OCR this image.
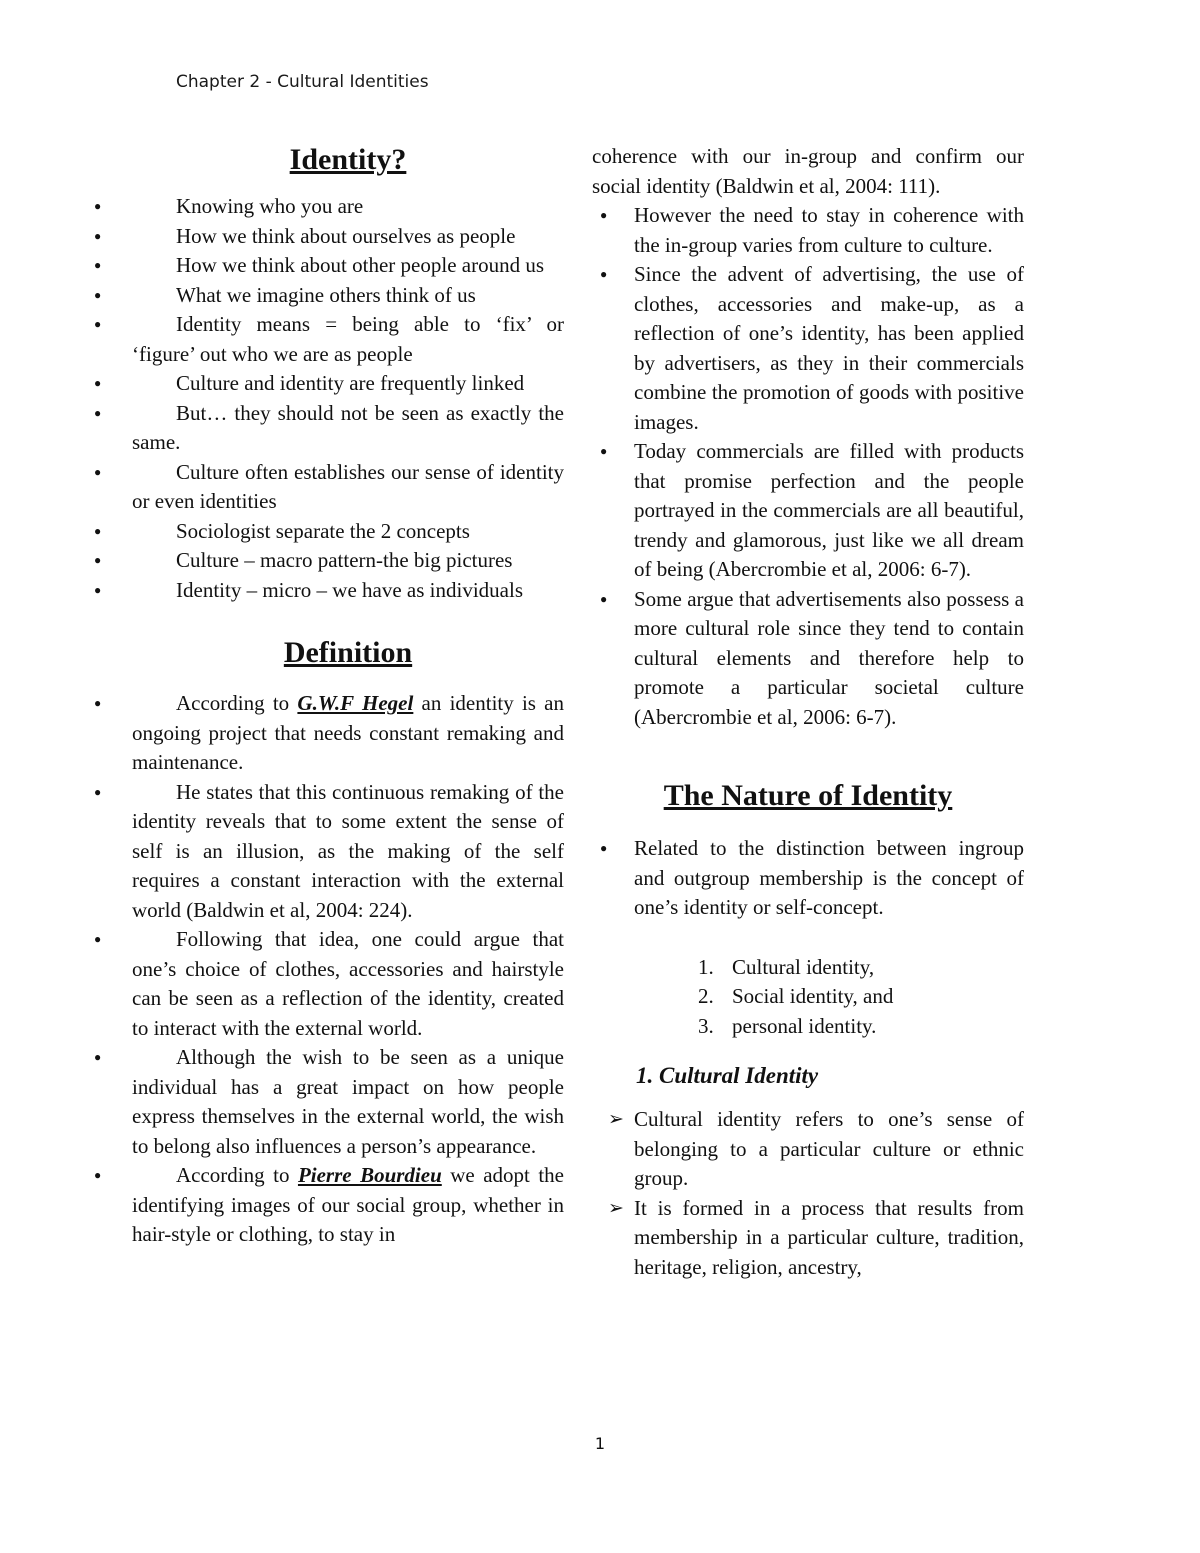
Chapter 2 - Cultural Identities
Identity?
● Knowing who you are
● How we think about ourselves as people
● How we think about other people around us
● What we imagine others think of us
● Identity means = being able to ‘fix’ or ‘figure’ out who we are as people
● Culture and identity are frequently linked
● But… they should not be seen as exactly the same.
● Culture often establishes our sense of identity or even identities
● Sociologist separate the 2 concepts
● Culture – macro pattern-the big pictures
● Identity – micro – we have as individuals
Definition
● According to G.W.F Hegel an identity is an ongoing project that needs constant remaking and maintenance.
● He states that this continuous remaking of the identity reveals that to some extent the sense of self is an illusion, as the making of the self requires a constant interaction with the external world (Baldwin et al, 2004: 224).
● Following that idea, one could argue that one’s choice of clothes, accessories and hairstyle can be seen as a reflection of the identity, created to interact with the external world.
● Although the wish to be seen as a unique individual has a great impact on how people express themselves in the external world, the wish to belong also influences a person’s appearance.
● According to Pierre Bourdieu we adopt the identifying images of our social group, whether in hair-style or clothing, to stay in

coherence with our in-group and confirm our social identity (Baldwin et al, 2004: 111).

● However the need to stay in coherence with the in-group varies from culture to culture.
● Since the advent of advertising, the use of clothes, accessories and make-up, as a reflection of one’s identity, has been applied by advertisers, as they in their commercials combine the promotion of goods with positive images.
● Today commercials are filled with products that promise perfection and the people portrayed in the commercials are all beautiful, trendy and glamorous, just like we all dream of being (Abercrombie et al, 2006: 6-7).
● Some argue that advertisements also possess a more cultural role since they tend to contain cultural elements and therefore help to promote a particular societal culture (Abercrombie et al, 2006: 6-7).
The Nature of Identity
● Related to the distinction between ingroup and outgroup membership is the concept of one’s identity or self-concept.
1. Cultural identity,
2. Social identity, and
3. personal identity.
1. Cultural Identity
➢ Cultural identity refers to one’s sense of belonging to a particular culture or ethnic group.
➢ It is formed in a process that results from membership in a particular culture, tradition, heritage, religion, ancestry,
1
